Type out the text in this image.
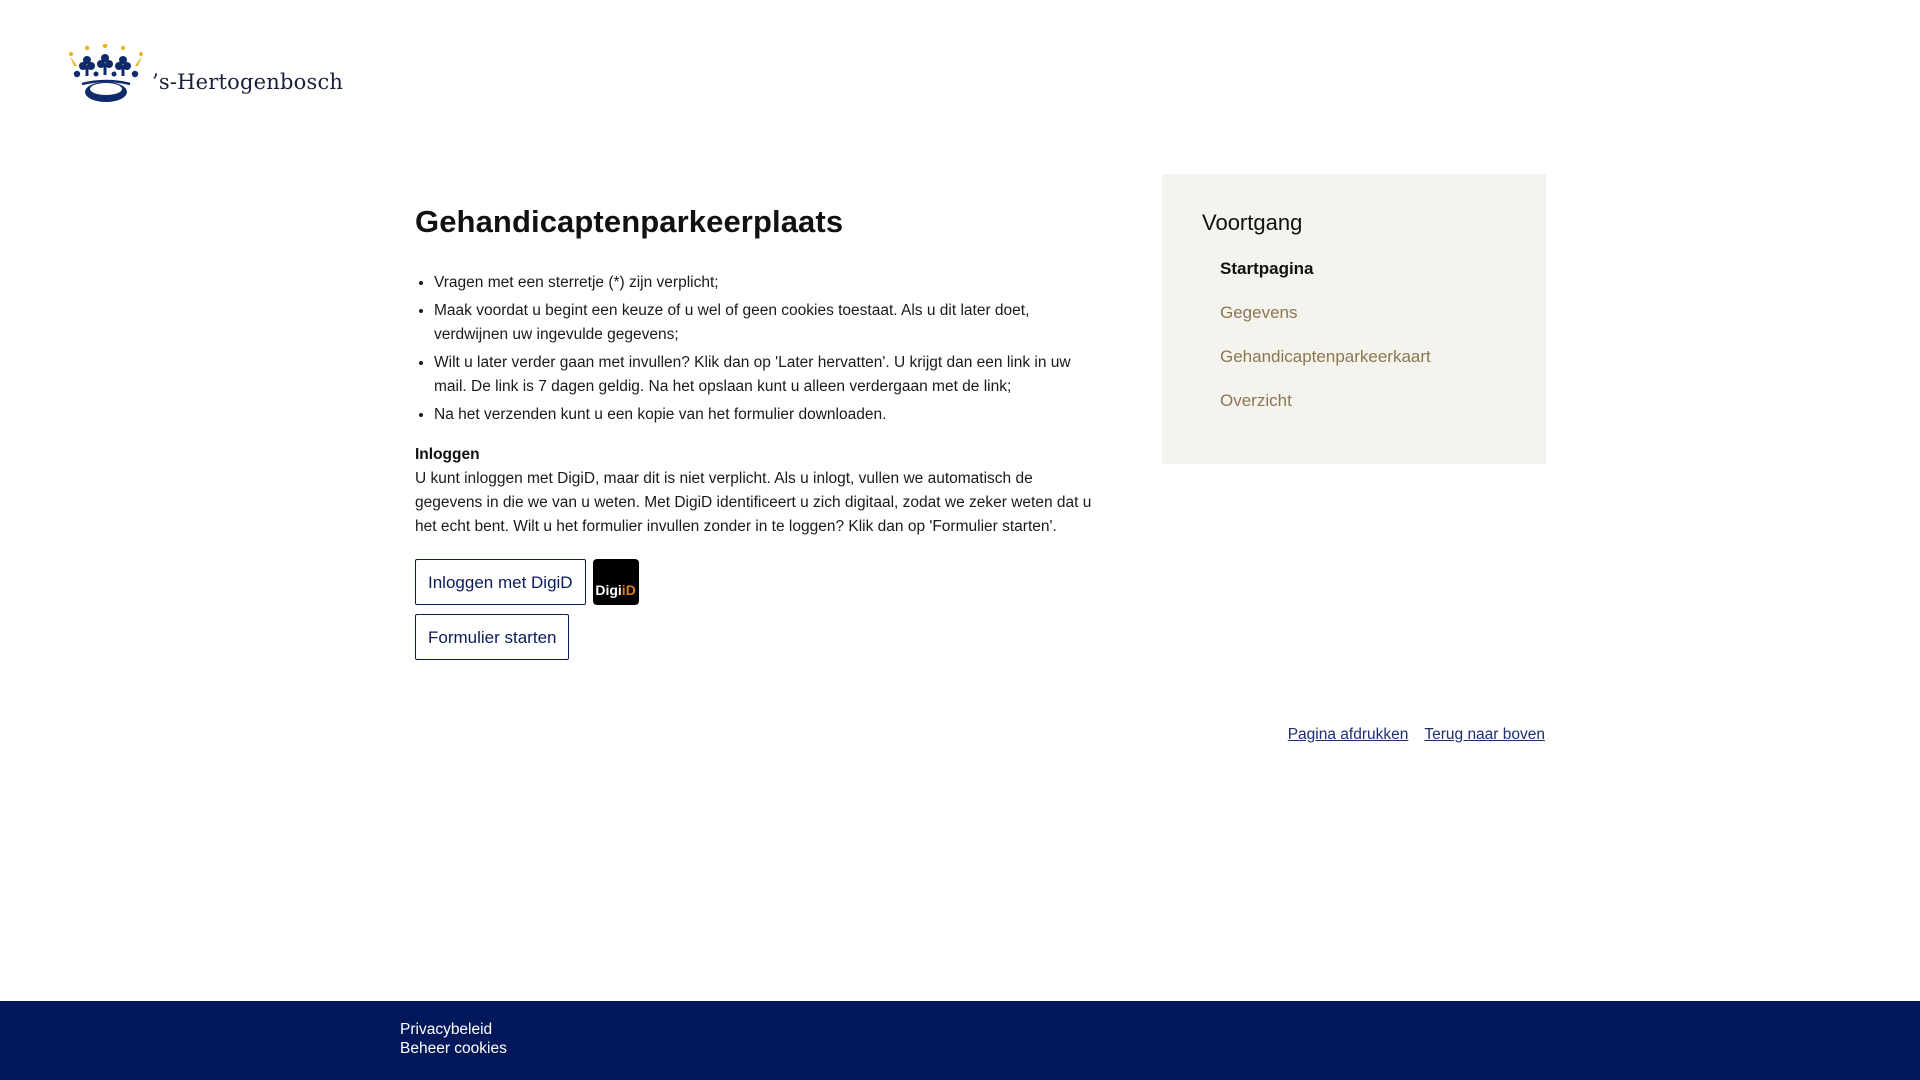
’s-Hertogenbosch
Gehandicaptenparkeerplaats
• Vragen met een sterretje (*) zijn verplicht;
• Maak voordat u begint een keuze of u wel of geen cookies toestaat. Als u dit later doet, verdwijnen uw ingevulde gegevens;
• Wilt u later verder gaan met invullen? Klik dan op 'Later hervatten'. U krijgt dan een link in uw mail. De link is 7 dagen geldig. Na het opslaan kunt u alleen verdergaan met de link;
• Na het verzenden kunt u een kopie van het formulier downloaden.
Inloggen

U kunt inloggen met DigiD, maar dit is niet verplicht. Als u inlogt, vullen we automatisch de gegevens in die we van u weten. Met DigiD identificeert u zich digitaal, zodat we zeker weten dat u het echt bent. Wilt u het formulier invullen zonder in te loggen? Klik dan op 'Formulier starten'.

Inloggen met DigiD	Digi i D
Formulier starten
Voortgang
Startpagina
Gegevens
Gehandicaptenparkeerkaart
Overzicht
Pagina afdrukken Terug naar boven
Privacybeleid
Beheer cookies
